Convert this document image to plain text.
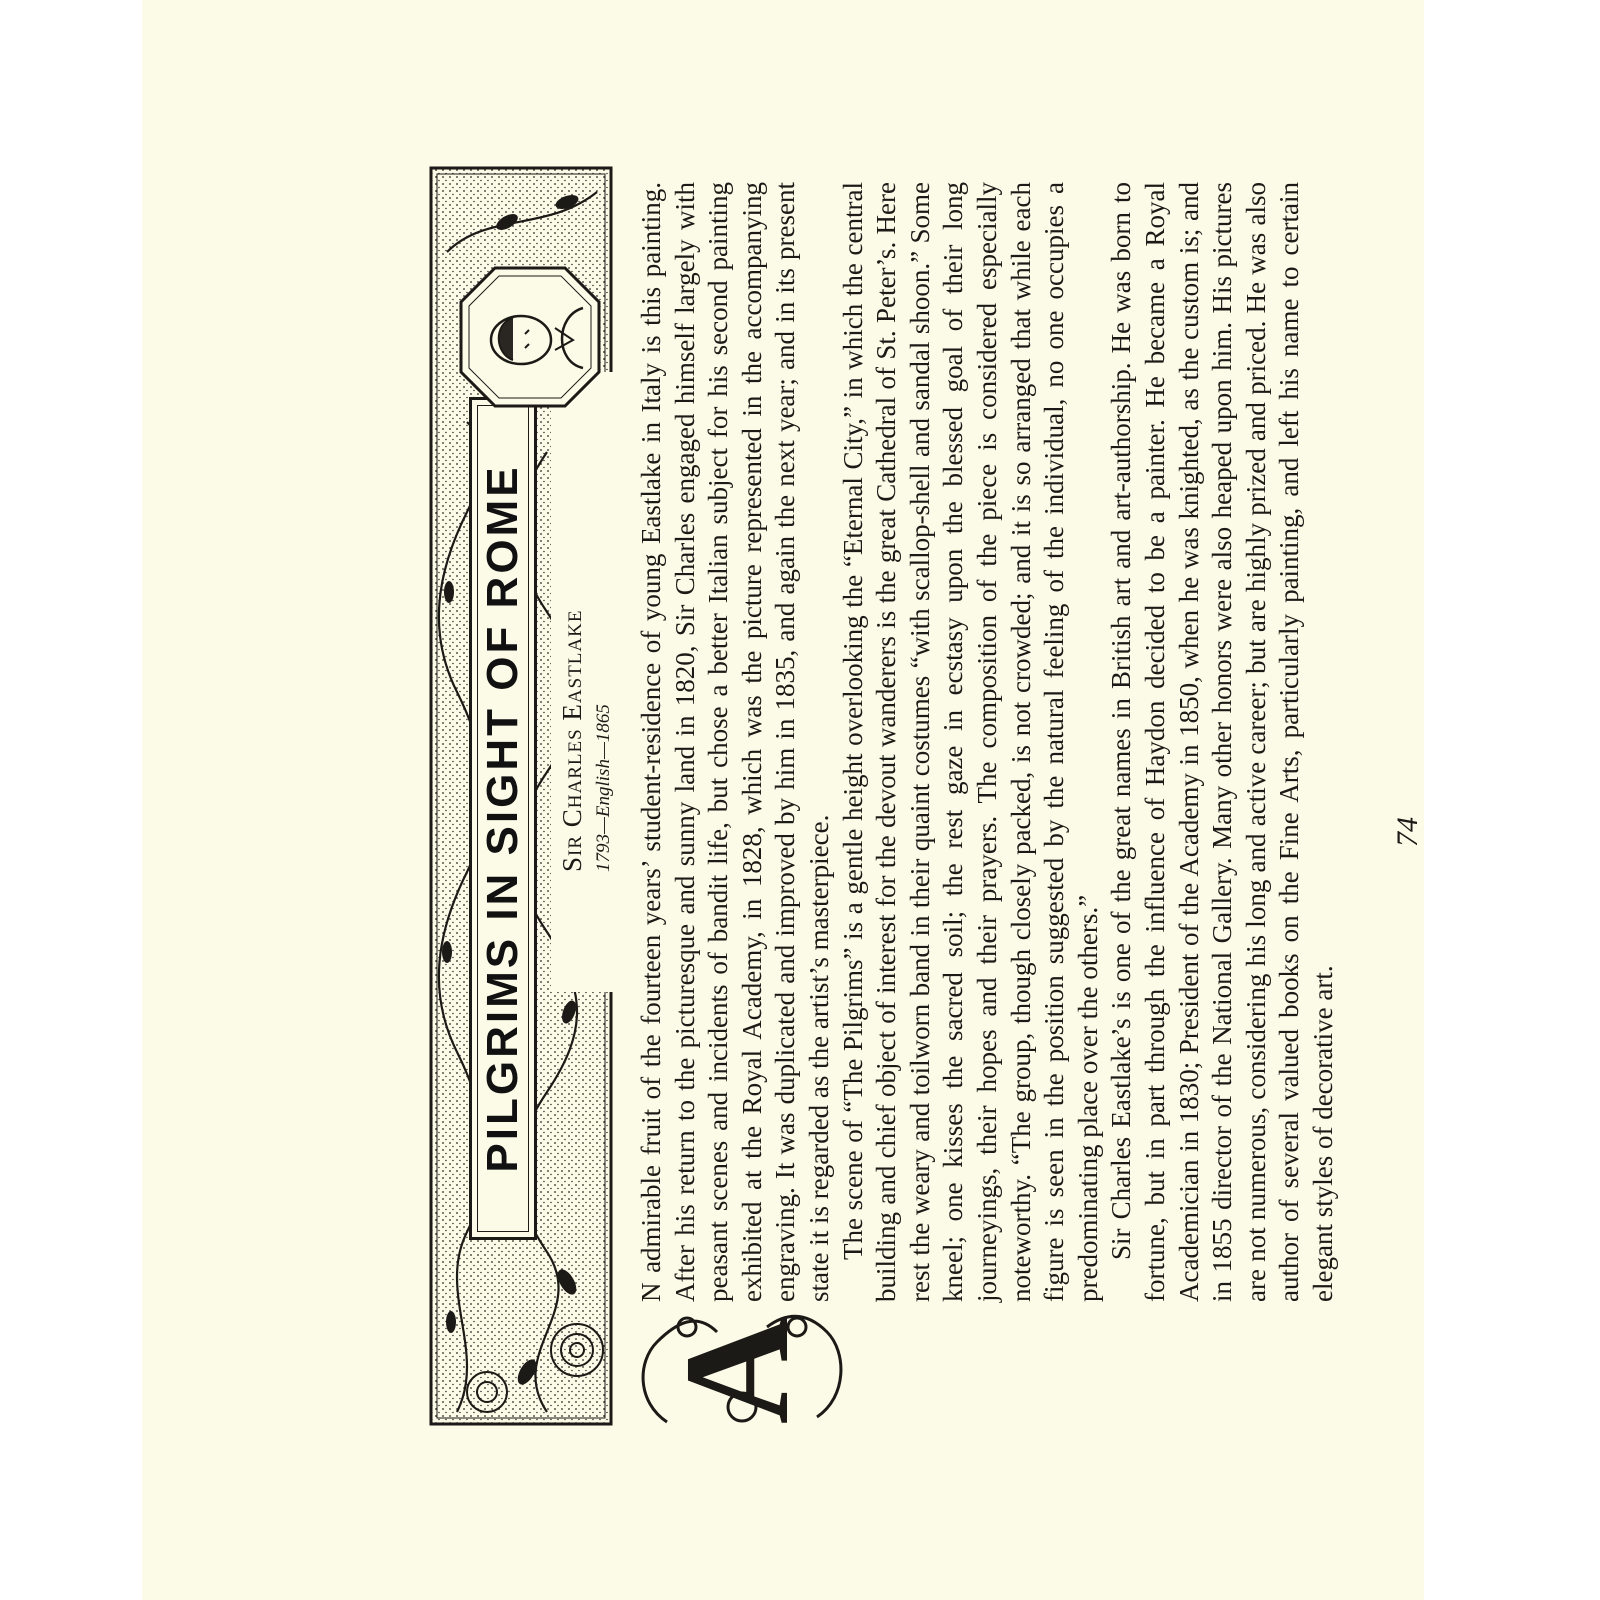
PILGRIMS IN SIGHT OF ROME Sir Charles Eastlake 1793—English—1865
A

N admirable fruit of the fourteen years’ student-residence of young Eastlake in Italy is this painting. After his return to the picturesque and sunny land in 1820, Sir Charles engaged himself largely with peasant scenes and incidents of bandit life, but chose a better Italian subject for his second painting exhibited at the Royal Academy, in 1828, which was the picture represented in the accompanying engraving. It was duplicated and improved by him in 1835, and again the next year; and in its present state it is regarded as the artist’s masterpiece. The scene of “The Pilgrims” is a gentle height overlooking the “Eternal City,” in which the central building and chief object of interest for the devout wanderers is the great Cathedral of St. Peter’s. Here rest the weary and toilworn band in their quaint costumes “with scallop-shell and sandal shoon.” Some kneel; one kisses the sacred soil; the rest gaze in ecstasy upon the blessed goal of their long journeyings, their hopes and their prayers. The composition of the piece is considered especially noteworthy. “The group, though closely packed, is not crowded; and it is so arranged that while each figure is seen in the position suggested by the natural feeling of the individual, no one occupies a predominating place over the others.” Sir Charles Eastlake’s is one of the great names in British art and art-authorship. He was born to fortune, but in part through the influence of Haydon decided to be a painter. He became a Royal Academician in 1830; President of the Academy in 1850, when he was knighted, as the custom is; and in 1855 director of the National Gallery. Many other honors were also heaped upon him. His pictures are not numerous, considering his long and active career; but are highly prized and priced. He was also author of several valued books on the Fine Arts, particularly painting, and left his name to certain elegant styles of decorative art.

74
